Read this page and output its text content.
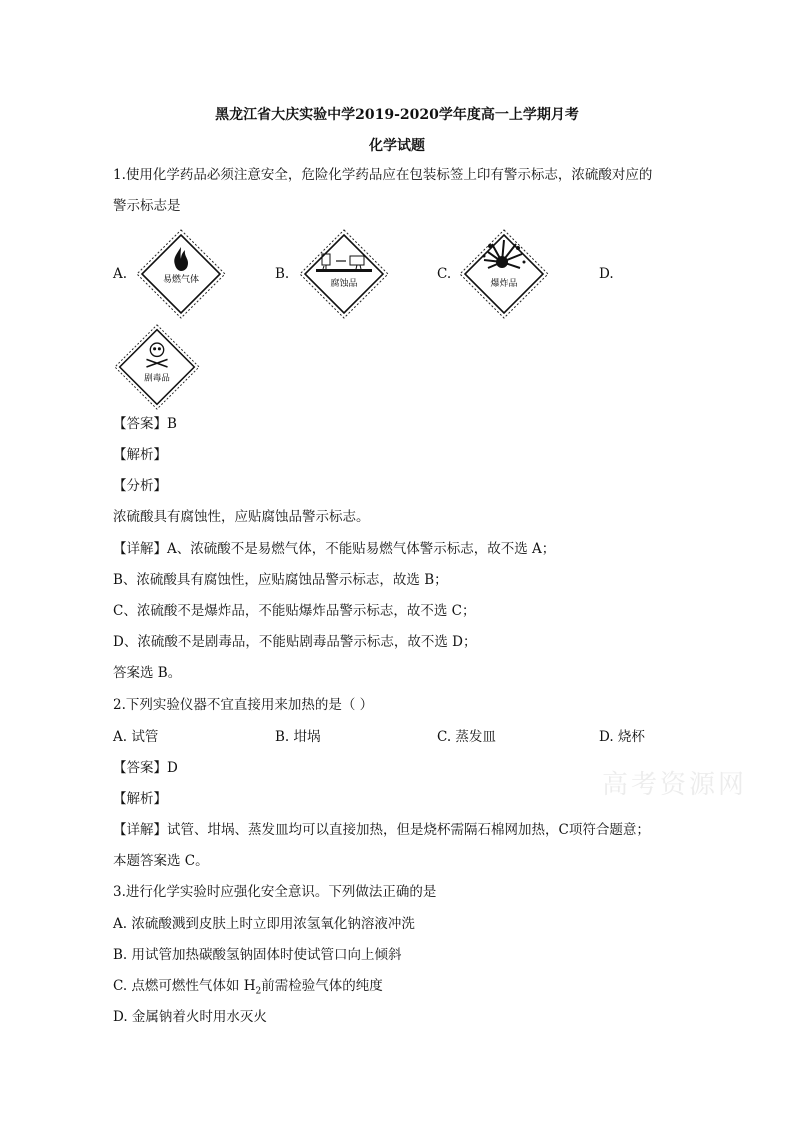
黑龙江省大庆实验中学2019-2020学年度高一上学期月考
化学试题
1.使用化学药品必须注意安全，危险化学药品应在包装标签上印有警示标志，浓硫酸对应的
警示标志是
A.	易燃气体	B.
腐蚀品
C.
爆炸品
D.
剧毒品
【答案】B
【解析】
【分析】
浓硫酸具有腐蚀性，应贴腐蚀品警示标志。
【详解】A、浓硫酸不是易燃气体，不能贴易燃气体警示标志，故不选 A；
B、浓硫酸具有腐蚀性，应贴腐蚀品警示标志，故选 B；
C、浓硫酸不是爆炸品，不能贴爆炸品警示标志，故不选 C；
D、浓硫酸不是剧毒品，不能贴剧毒品警示标志，故不选 D；
答案选 B。
2.下列实验仪器不宜直接用来加热的是（ ）
A. 试管	B. 坩埚	C. 蒸发皿	D. 烧杯
【答案】D
【解析】
【详解】试管、坩埚、蒸发皿均可以直接加热，但是烧杯需隔石棉网加热，C项符合题意；
本题答案选 C。
3.进行化学实验时应强化安全意识。下列做法正确的是
A. 浓硫酸溅到皮肤上时立即用浓氢氧化钠溶液冲洗
B. 用试管加热碳酸氢钠固体时使试管口向上倾斜
C. 点燃可燃性气体如 $H_2$前需检验气体的纯度
D. 金属钠着火时用水灭火
高考资源网
